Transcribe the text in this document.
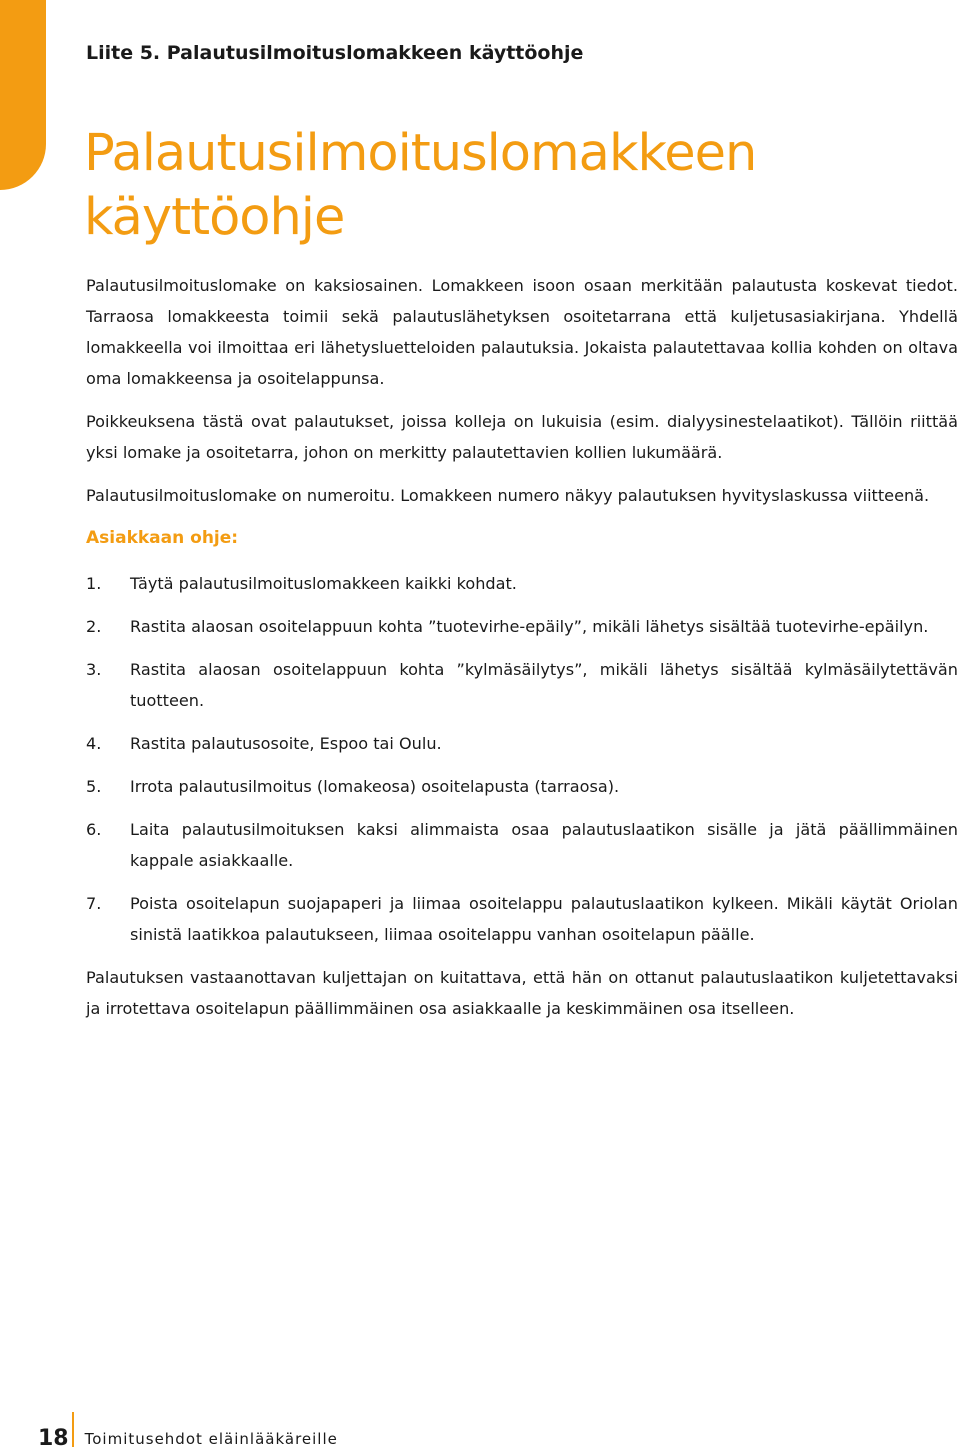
Liite 5. Palautusilmoituslomakkeen käyttöohje
Palautusilmoituslomakkeen käyttöohje

Palautusilmoituslomake on kaksiosainen. Lomakkeen isoon osaan merkitään palautusta koskevat tiedot. Tarraosa lomakkeesta toimii sekä palautuslähetyksen osoitetarrana että kuljetusasiakirjana. Yhdellä lomakkeella voi ilmoittaa eri lähetysluetteloiden palautuksia. Jokaista palautettavaa kollia kohden on oltava oma lomakkeensa ja osoitelappunsa.

Poikkeuksena tästä ovat palautukset, joissa kolleja on lukuisia (esim. dialyysinestelaatikot). Tällöin riittää yksi lomake ja osoitetarra, johon on merkitty palautettavien kollien lukumäärä.

Palautusilmoituslomake on numeroitu. Lomakkeen numero näkyy palautuksen hyvityslaskussa viitteenä.

Asiakkaan ohje:
1.	Täytä palautusilmoituslomakkeen kaikki kohdat.
2.	Rastita alaosan osoitelappuun kohta ”tuotevirhe-epäily”, mikäli lähetys sisältää tuotevirhe-epäilyn.
3.	Rastita alaosan osoitelappuun kohta ”kylmäsäilytys”, mikäli lähetys sisältää kylmäsäilytettävän tuotteen.
4.	Rastita palautusosoite, Espoo tai Oulu.
5.	Irrota palautusilmoitus (lomakeosa) osoitelapusta (tarraosa).
6.	Laita palautusilmoituksen kaksi alimmaista osaa palautuslaatikon sisälle ja jätä päällimmäinen kappale asiakkaalle.
7.	Poista osoitelapun suojapaperi ja liimaa osoitelappu palautuslaatikon kylkeen. Mikäli käytät Oriolan sinistä laatikkoa palautukseen, liimaa osoitelappu vanhan osoitelapun päälle.

Palautuksen vastaanottavan kuljettajan on kuitattava, että hän on ottanut palautuslaatikon kuljetettavaksi ja irrotettava osoitelapun päällimmäinen osa asiakkaalle ja keskimmäinen osa itselleen.

18 Toimitusehdot eläinlääkäreille
